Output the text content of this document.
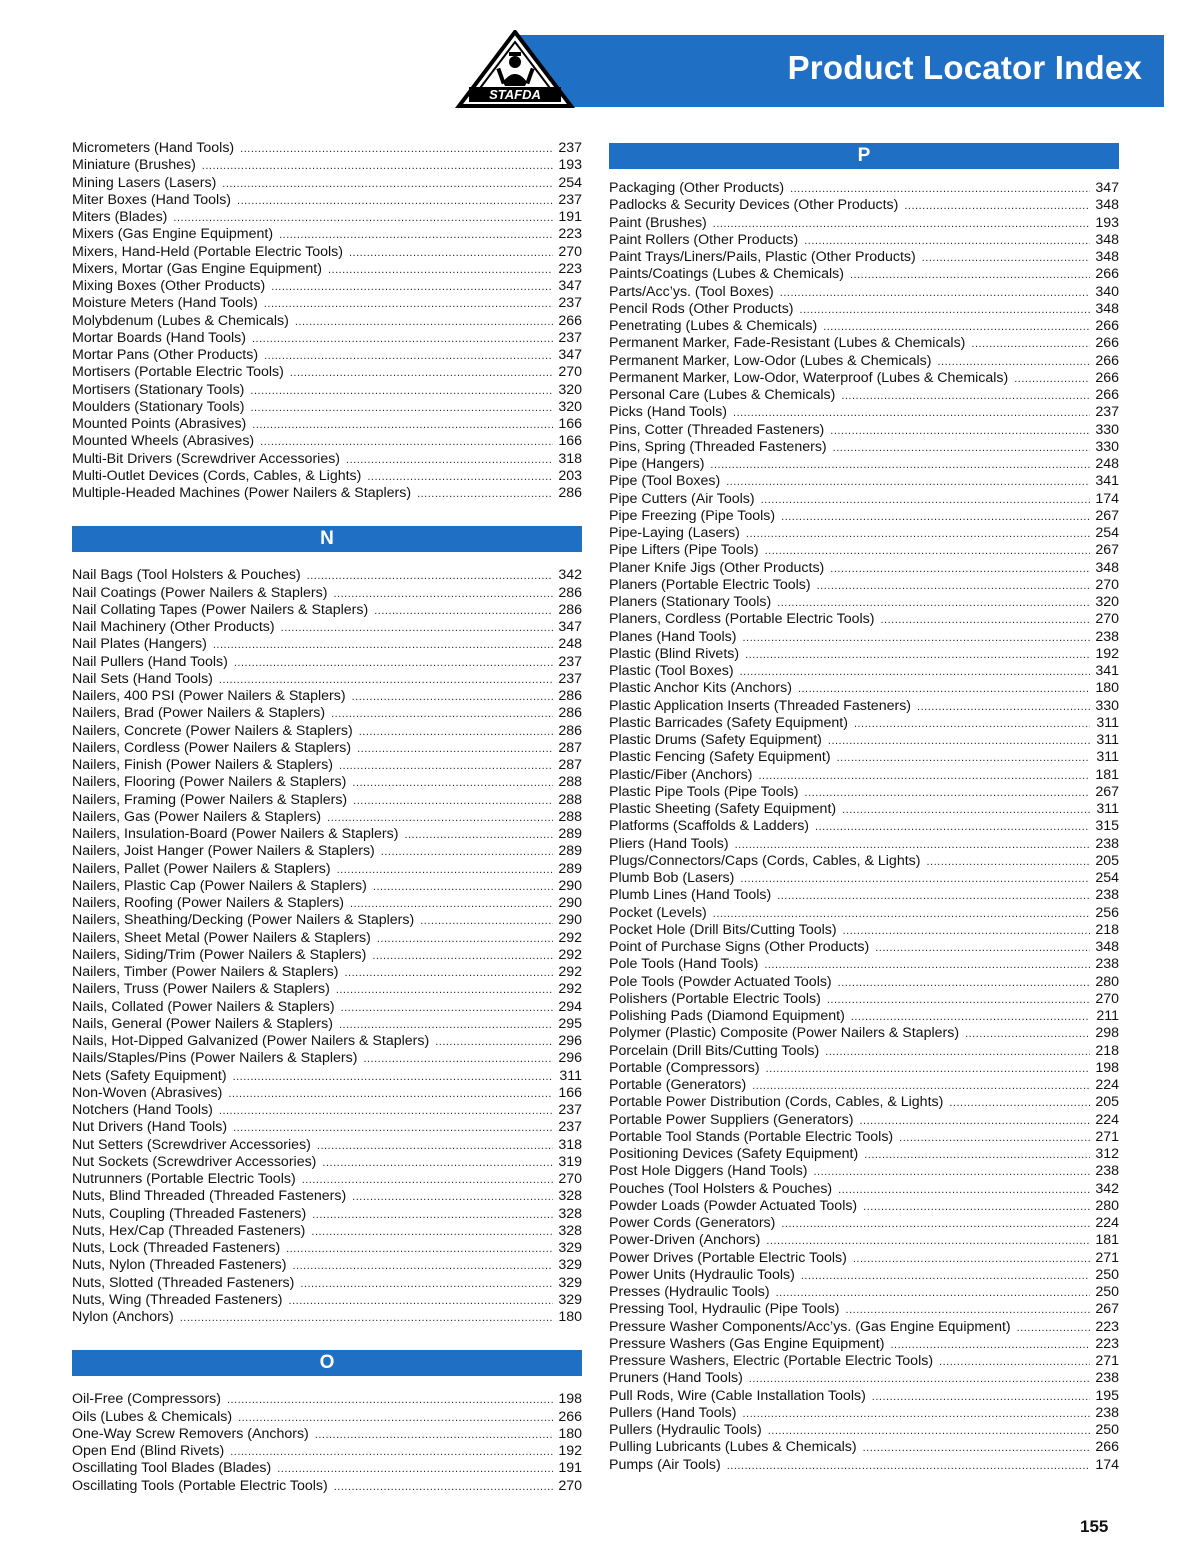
Product Locator Index
STAFDA
Micrometers (Hand Tools) .....	237
Miniature (Brushes) .....	193
Mining Lasers (Lasers) .....	254
Miter Boxes (Hand Tools) .....	237
Miters (Blades) .....	191
Mixers (Gas Engine Equipment) .....	223
Mixers, Hand-Held (Portable Electric Tools) .....	270
Mixers, Mortar (Gas Engine Equipment) .....	223
Mixing Boxes (Other Products) .....	347
Moisture Meters (Hand Tools) .....	237
Molybdenum (Lubes & Chemicals) .....	266
Mortar Boards (Hand Tools) .....	237
Mortar Pans (Other Products) .....	347
Mortisers (Portable Electric Tools) .....	270
Mortisers (Stationary Tools) .....	320
Moulders (Stationary Tools) .....	320
Mounted Points (Abrasives) .....	166
Mounted Wheels (Abrasives) .....	166
Multi-Bit Drivers (Screwdriver Accessories) .....	318
Multi-Outlet Devices (Cords, Cables, & Lights) .....	203
Multiple-Headed Machines (Power Nailers & Staplers) .....	286
N
Nail Bags (Tool Holsters & Pouches) .....	342
Nail Coatings (Power Nailers & Staplers) .....	286
Nail Collating Tapes (Power Nailers & Staplers) .....	286
Nail Machinery (Other Products) .....	347
Nail Plates (Hangers) .....	248
Nail Pullers (Hand Tools) .....	237
Nail Sets (Hand Tools) .....	237
Nailers, 400 PSI (Power Nailers & Staplers) .....	286
Nailers, Brad (Power Nailers & Staplers) .....	286
Nailers, Concrete (Power Nailers & Staplers) .....	286
Nailers, Cordless (Power Nailers & Staplers) .....	287
Nailers, Finish (Power Nailers & Staplers) .....	287
Nailers, Flooring (Power Nailers & Staplers) .....	288
Nailers, Framing (Power Nailers & Staplers) .....	288
Nailers, Gas (Power Nailers & Staplers) .....	288
Nailers, Insulation-Board (Power Nailers & Staplers) .....	289
Nailers, Joist Hanger (Power Nailers & Staplers) .....	289
Nailers, Pallet (Power Nailers & Staplers) .....	289
Nailers, Plastic Cap (Power Nailers & Staplers) .....	290
Nailers, Roofing (Power Nailers & Staplers) .....	290
Nailers, Sheathing/Decking (Power Nailers & Staplers) .....	290
Nailers, Sheet Metal (Power Nailers & Staplers) .....	292
Nailers, Siding/Trim (Power Nailers & Staplers) .....	292
Nailers, Timber (Power Nailers & Staplers) .....	292
Nailers, Truss (Power Nailers & Staplers) .....	292
Nails, Collated (Power Nailers & Staplers) .....	294
Nails, General (Power Nailers & Staplers) .....	295
Nails, Hot-Dipped Galvanized (Power Nailers & Staplers) .....	296
Nails/Staples/Pins (Power Nailers & Staplers) .....	296
Nets (Safety Equipment) .....	311
Non-Woven (Abrasives) .....	166
Notchers (Hand Tools) .....	237
Nut Drivers (Hand Tools) .....	237
Nut Setters (Screwdriver Accessories) .....	318
Nut Sockets (Screwdriver Accessories) .....	319
Nutrunners (Portable Electric Tools) .....	270
Nuts, Blind Threaded (Threaded Fasteners) .....	328
Nuts, Coupling (Threaded Fasteners) .....	328
Nuts, Hex/Cap (Threaded Fasteners) .....	328
Nuts, Lock (Threaded Fasteners) .....	329
Nuts, Nylon (Threaded Fasteners) .....	329
Nuts, Slotted (Threaded Fasteners) .....	329
Nuts, Wing (Threaded Fasteners) .....	329
Nylon (Anchors) .....	180
O
Oil-Free (Compressors) .....	198
Oils (Lubes & Chemicals) .....	266
One-Way Screw Removers (Anchors) .....	180
Open End (Blind Rivets) .....	192
Oscillating Tool Blades (Blades) .....	191
Oscillating Tools (Portable Electric Tools) .....	270
P
Packaging (Other Products) .....	347
Padlocks & Security Devices (Other Products) .....	348
Paint (Brushes) .....	193
Paint Rollers (Other Products) .....	348
Paint Trays/Liners/Pails, Plastic (Other Products) .....	348
Paints/Coatings (Lubes & Chemicals) .....	266
Parts/Acc’ys. (Tool Boxes) .....	340
Pencil Rods (Other Products) .....	348
Penetrating (Lubes & Chemicals) .....	266
Permanent Marker, Fade-Resistant (Lubes & Chemicals) .....	266
Permanent Marker, Low-Odor (Lubes & Chemicals) .....	266
Permanent Marker, Low-Odor, Waterproof (Lubes & Chemicals) .....	266
Personal Care (Lubes & Chemicals) .....	266
Picks (Hand Tools) .....	237
Pins, Cotter (Threaded Fasteners) .....	330
Pins, Spring (Threaded Fasteners) .....	330
Pipe (Hangers) .....	248
Pipe (Tool Boxes) .....	341
Pipe Cutters (Air Tools) .....	174
Pipe Freezing (Pipe Tools) .....	267
Pipe-Laying (Lasers) .....	254
Pipe Lifters (Pipe Tools) .....	267
Planer Knife Jigs (Other Products) .....	348
Planers (Portable Electric Tools) .....	270
Planers (Stationary Tools) .....	320
Planers, Cordless (Portable Electric Tools) .....	270
Planes (Hand Tools) .....	238
Plastic (Blind Rivets) .....	192
Plastic (Tool Boxes) .....	341
Plastic Anchor Kits (Anchors) .....	180
Plastic Application Inserts (Threaded Fasteners) .....	330
Plastic Barricades (Safety Equipment) .....	311
Plastic Drums (Safety Equipment) .....	311
Plastic Fencing (Safety Equipment) .....	311
Plastic/Fiber (Anchors) .....	181
Plastic Pipe Tools (Pipe Tools) .....	267
Plastic Sheeting (Safety Equipment) .....	311
Platforms (Scaffolds & Ladders) .....	315
Pliers (Hand Tools) .....	238
Plugs/Connectors/Caps (Cords, Cables, & Lights) .....	205
Plumb Bob (Lasers) .....	254
Plumb Lines (Hand Tools) .....	238
Pocket (Levels) .....	256
Pocket Hole (Drill Bits/Cutting Tools) .....	218
Point of Purchase Signs (Other Products) .....	348
Pole Tools (Hand Tools) .....	238
Pole Tools (Powder Actuated Tools) .....	280
Polishers (Portable Electric Tools) .....	270
Polishing Pads (Diamond Equipment) .....	211
Polymer (Plastic) Composite (Power Nailers & Staplers) .....	298
Porcelain (Drill Bits/Cutting Tools) .....	218
Portable (Compressors) .....	198
Portable (Generators) .....	224
Portable Power Distribution (Cords, Cables, & Lights) .....	205
Portable Power Suppliers (Generators) .....	224
Portable Tool Stands (Portable Electric Tools) .....	271
Positioning Devices (Safety Equipment) .....	312
Post Hole Diggers (Hand Tools) .....	238
Pouches (Tool Holsters & Pouches) .....	342
Powder Loads (Powder Actuated Tools) .....	280
Power Cords (Generators) .....	224
Power-Driven (Anchors) .....	181
Power Drives (Portable Electric Tools) .....	271
Power Units (Hydraulic Tools) .....	250
Presses (Hydraulic Tools) .....	250
Pressing Tool, Hydraulic (Pipe Tools) .....	267
Pressure Washer Components/Acc’ys. (Gas Engine Equipment) .....	223
Pressure Washers (Gas Engine Equipment) .....	223
Pressure Washers, Electric (Portable Electric Tools) .....	271
Pruners (Hand Tools) .....	238
Pull Rods, Wire (Cable Installation Tools) .....	195
Pullers (Hand Tools) .....	238
Pullers (Hydraulic Tools) .....	250
Pulling Lubricants (Lubes & Chemicals) .....	266
Pumps (Air Tools) .....	174
155
